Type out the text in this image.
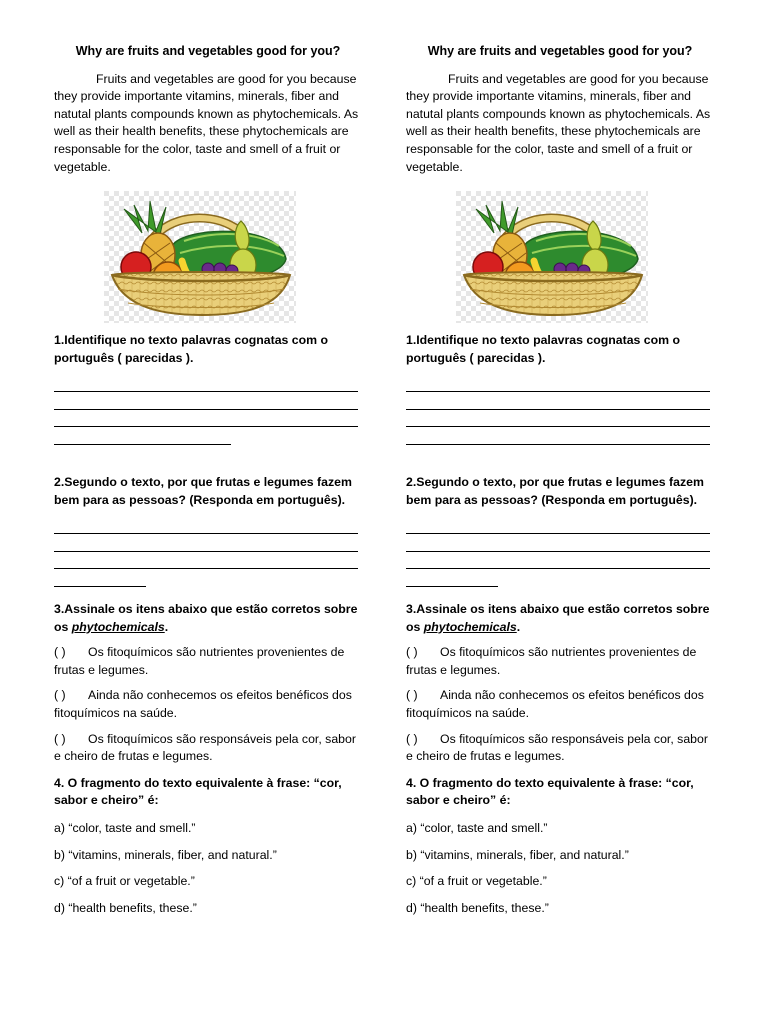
Why are fruits and vegetables good for you?

Fruits and vegetables are good for you because they provide importante vitamins, minerals, fiber and natutal plants compounds known as phytochemicals. As well as their health benefits, these phytochemicals are responsable for the color, taste and smell of a fruit or vegetable.

1.Identifique no texto palavras cognatas com o português ( parecidas ).

2.Segundo o texto, por que frutas e legumes fazem bem para as pessoas? (Responda em português).

3.Assinale os itens abaixo que estão corretos sobre os phytochemicals.

( ) Os fitoquímicos são nutrientes provenientes de frutas e legumes.

( ) Ainda não conhecemos os efeitos benéficos dos fitoquímicos na saúde.

( ) Os fitoquímicos são responsáveis pela cor, sabor e cheiro de frutas e legumes.

4. O fragmento do texto equivalente à frase: “cor, sabor e cheiro” é:

a) “color, taste and smell.”

b) “vitamins, minerals, fiber, and natural.”

c) “of a fruit or vegetable.”

d) “health benefits, these.”

Why are fruits and vegetables good for you?

Fruits and vegetables are good for you because they provide importante vitamins, minerals, fiber and natutal plants compounds known as phytochemicals. As well as their health benefits, these phytochemicals are responsable for the color, taste and smell of a fruit or vegetable.

1.Identifique no texto palavras cognatas com o português ( parecidas ).

2.Segundo o texto, por que frutas e legumes fazem bem para as pessoas? (Responda em português).

3.Assinale os itens abaixo que estão corretos sobre os phytochemicals.

( ) Os fitoquímicos são nutrientes provenientes de frutas e legumes.

( ) Ainda não conhecemos os efeitos benéficos dos fitoquímicos na saúde.

( ) Os fitoquímicos são responsáveis pela cor, sabor e cheiro de frutas e legumes.

4. O fragmento do texto equivalente à frase: “cor, sabor e cheiro” é:

a) “color, taste and smell.”

b) “vitamins, minerals, fiber, and natural.”

c) “of a fruit or vegetable.”

d) “health benefits, these.”
